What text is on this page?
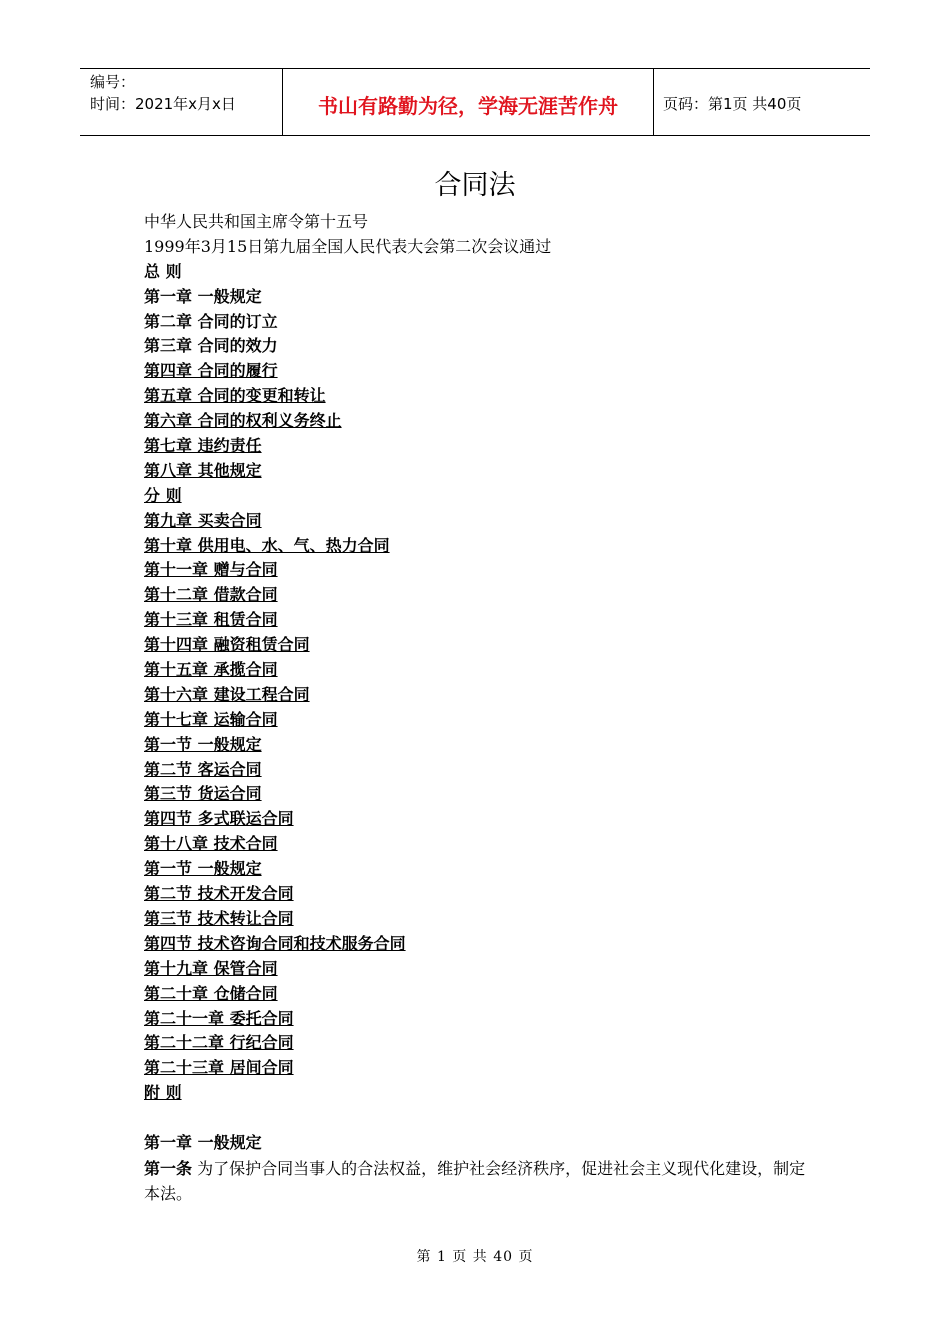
编号：
时间：2021年x月x日	书山有路勤为径，学海无涯苦作舟	页码：第1页 共40页
合同法
中华人民共和国主席令第十五号
1999年3月15日第九届全国人民代表大会第二次会议通过
总 则
第一章 一般规定
第二章 合同的订立
第三章 合同的效力
第四章 合同的履行
第五章 合同的变更和转让
第六章 合同的权利义务终止
第七章 违约责任
第八章 其他规定
分 则
第九章 买卖合同
第十章 供用电、水、气、热力合同
第十一章 赠与合同
第十二章 借款合同
第十三章 租赁合同
第十四章 融资租赁合同
第十五章 承揽合同
第十六章 建设工程合同
第十七章 运输合同
第一节 一般规定
第二节 客运合同
第三节 货运合同
第四节 多式联运合同
第十八章 技术合同
第一节 一般规定
第二节 技术开发合同
第三节 技术转让合同
第四节 技术咨询合同和技术服务合同
第十九章 保管合同
第二十章 仓储合同
第二十一章 委托合同
第二十二章 行纪合同
第二十三章 居间合同
附 则
第一章 一般规定
第一条 为了保护合同当事人的合法权益，维护社会经济秩序，促进社会主义现代化建设，制定本法。
第 1 页 共 40 页
